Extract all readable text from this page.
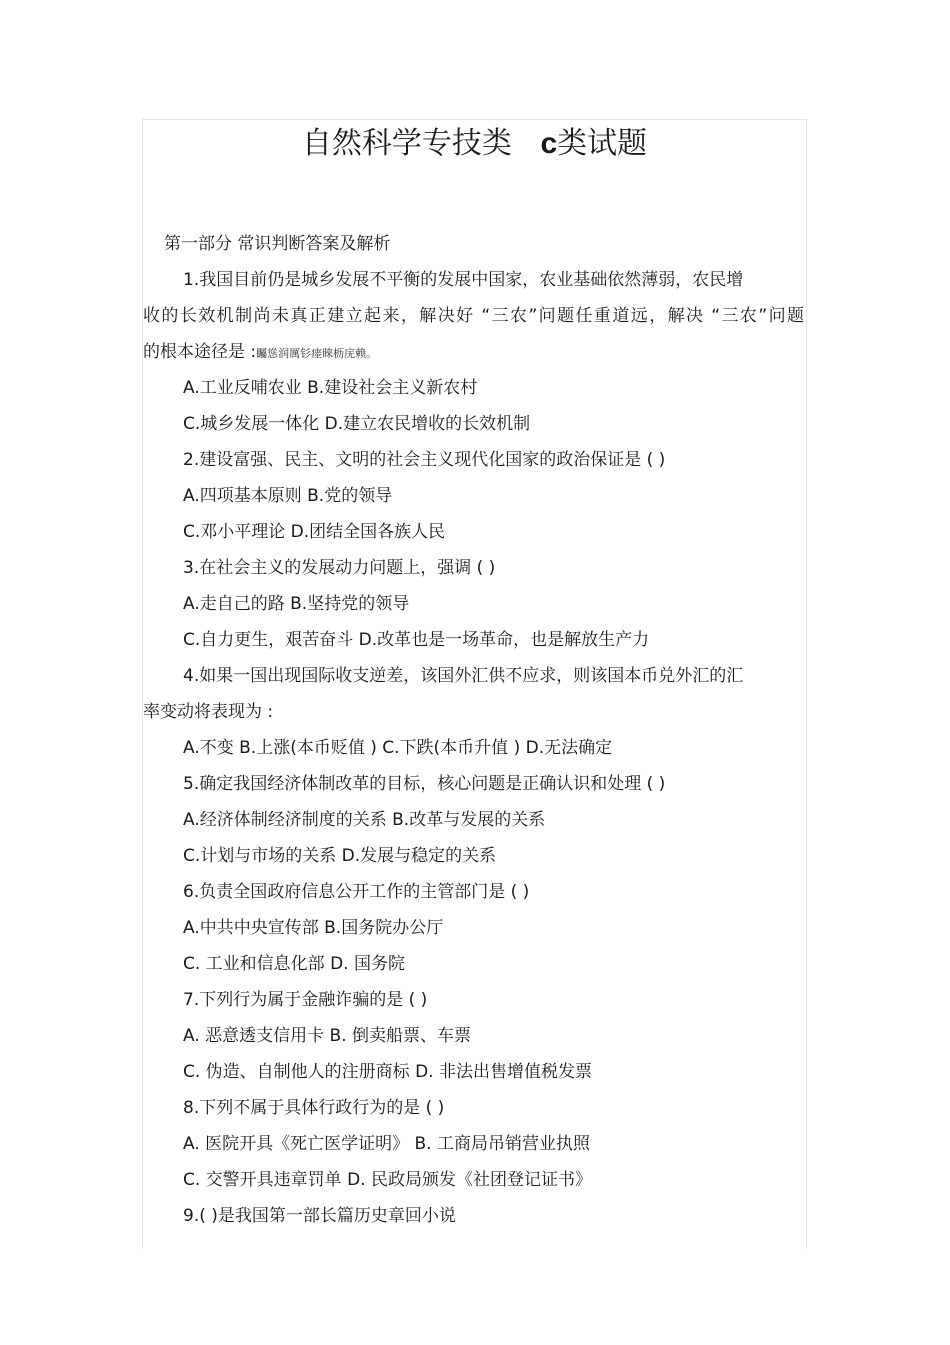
自然科学专技类 c类试题
第一部分 常识判断答案及解析

1.我国目前仍是城乡发展不平衡的发展中国家，农业基础依然薄弱，农民增

收的长效机制尚未真正建立起来，解决好 “三农”问题任重道远，解决 “三农”问题

的根本途径是 :矚慫润厲钐瘗睞枥庑赖。

A.工业反哺农业 B.建设社会主义新农村

C.城乡发展一体化 D.建立农民增收的长效机制

2.建设富强、民主、文明的社会主义现代化国家的政治保证是 ( )

A.四项基本原则 B.党的领导

C.邓小平理论 D.团结全国各族人民

3.在社会主义的发展动力问题上，强调 ( )

A.走自己的路 B.坚持党的领导

C.自力更生，艰苦奋斗 D.改革也是一场革命，也是解放生产力

4.如果一国出现国际收支逆差，该国外汇供不应求，则该国本币兑外汇的汇

率变动将表现为 :

A.不变 B.上涨(本币贬值 ) C.下跌(本币升值 ) D.无法确定

5.确定我国经济体制改革的目标，核心问题是正确认识和处理 ( )

A.经济体制经济制度的关系 B.改革与发展的关系

C.计划与市场的关系 D.发展与稳定的关系

6.负责全国政府信息公开工作的主管部门是 ( )

A.中共中央宣传部 B.国务院办公厅

C. 工业和信息化部 D. 国务院

7.下列行为属于金融诈骗的是 ( )

A. 恶意透支信用卡 B. 倒卖船票、车票

C. 伪造、自制他人的注册商标 D. 非法出售增值税发票

8.下列不属于具体行政行为的是 ( )

A. 医院开具《死亡医学证明》 B. 工商局吊销营业执照

C. 交警开具违章罚单 D. 民政局颁发《社团登记证书》

9.( )是我国第一部长篇历史章回小说
